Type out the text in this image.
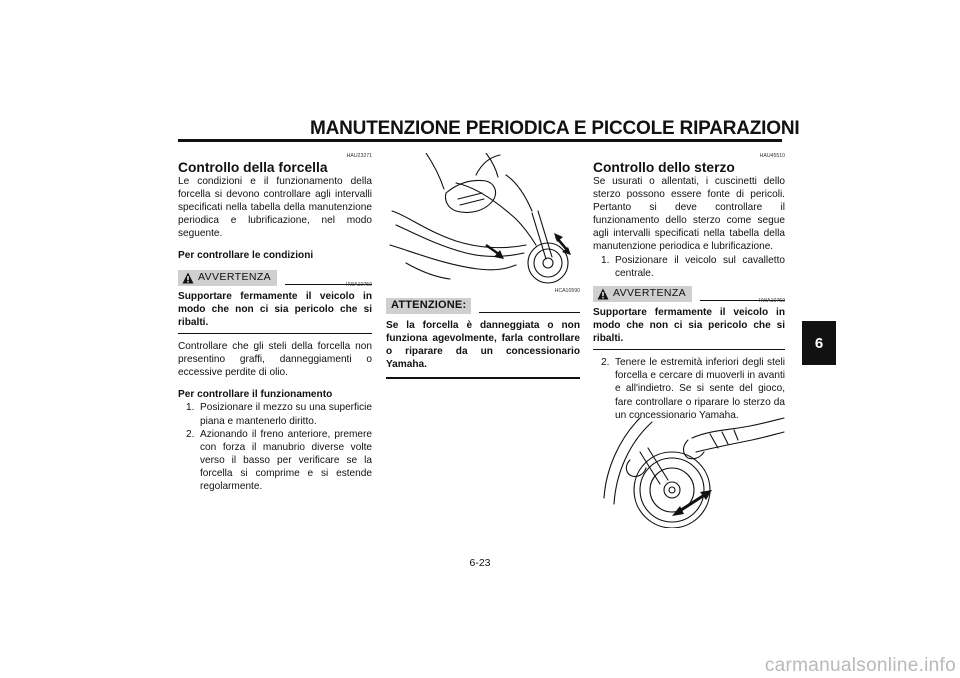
MANUTENZIONE PERIODICA E PICCOLE RIPARAZIONI
6
HAU23271
Controllo della forcella

Le condizioni e il funzionamento della forcella si devono controllare agli intervalli specificati nella tabella della manutenzione periodica e lubrificazione, nel modo seguente.

Per controllare le condizioni

AVVERTENZA
HWA10750

Supportare fermamente il veicolo in modo che non ci sia pericolo che si ribalti.

Controllare che gli steli della forcella non presentino graffi, danneggiamenti o eccessive perdite di olio.

Per controllare il funzionamento

1. Posizionare il mezzo su una superficie piana e mantenerlo diritto.
2. Azionando il freno anteriore, premere con forza il manubrio diverse volte verso il basso per verificare se la forcella si comprime e si estende regolarmente.
HCA10590
ATTENZIONE:

Se la forcella è danneggiata o non funziona agevolmente, farla controllare o riparare da un concessionario Yamaha.

HAU45510
Controllo dello sterzo

Se usurati o allentati, i cuscinetti dello sterzo possono essere fonte di pericoli. Pertanto si deve controllare il funzionamento dello sterzo come segue agli intervalli specificati nella tabella della manutenzione periodica e lubrificazione.

1. Posizionare il veicolo sul cavalletto centrale.
AVVERTENZA
HWA10750

Supportare fermamente il veicolo in modo che non ci sia pericolo che si ribalti.

2. Tenere le estremità inferiori degli steli forcella e cercare di muoverli in avanti e all'indietro. Se si sente del gioco, fare controllare o riparare lo sterzo da un concessionario Yamaha.
6-23
carmanualsonline.info
